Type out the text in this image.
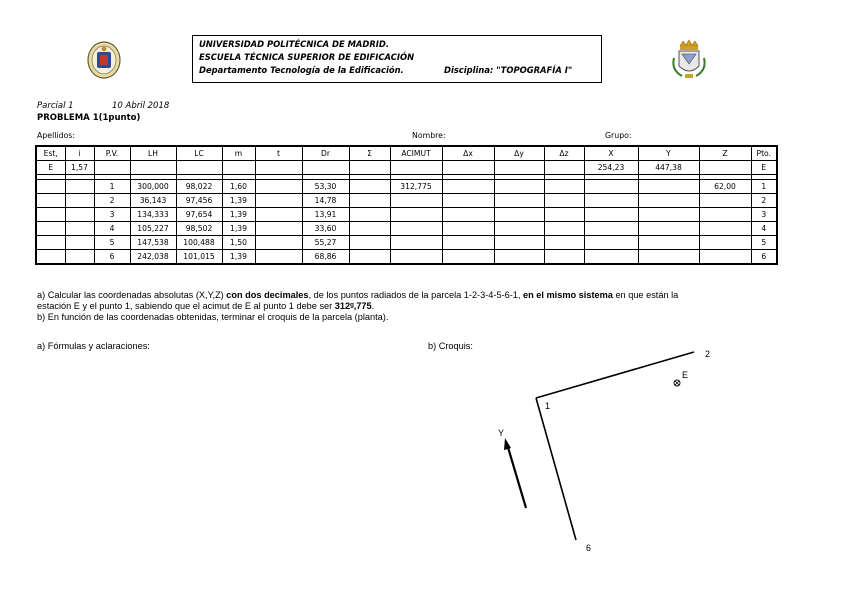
UNIVERSIDAD POLITÉCNICA DE MADRID.
ESCUELA TÉCNICA SUPERIOR DE EDIFICACIÓN
Departamento Tecnología de la Edificación.	Disciplina: "TOPOGRAFÍA I"
Parcial 1	10 Abril 2018
PROBLEMA 1(1punto)
Apellidos:	Nombre:	Grupo:
Est,	i	P.V.	LH	LC	m	t	Dr	Σ	ACIMUT	Δx	Δy	Δz	X	Y	Z	Pto.
E	1,57												254,23	447,38		E

		1	300,000	98,022	1,60		53,30		312,775						62,00	1
		2	36,143	97,456	1,39		14,78									2
		3	134,333	97,654	1,39		13,91									3
		4	105,227	98,502	1,39		33,60									4
		5	147,538	100,488	1,50		55,27									5
		6	242,038	101,015	1,39		68,86									6
a) Calcular las coordenadas absolutas (X,Y,Z) con dos decimales, de los puntos radiados de la parcela 1-2-3-4-5-6-1, en el mismo sistema en que están la
estación E y el punto 1, sabiendo que el acimut de E al punto 1 debe ser 312ᵍ,775.
b) En función de las coordenadas obtenidas, terminar el croquis de la parcela (planta).
a) Fórmulas y aclaraciones:	b) Croquis:
2
1
6
E
Y
